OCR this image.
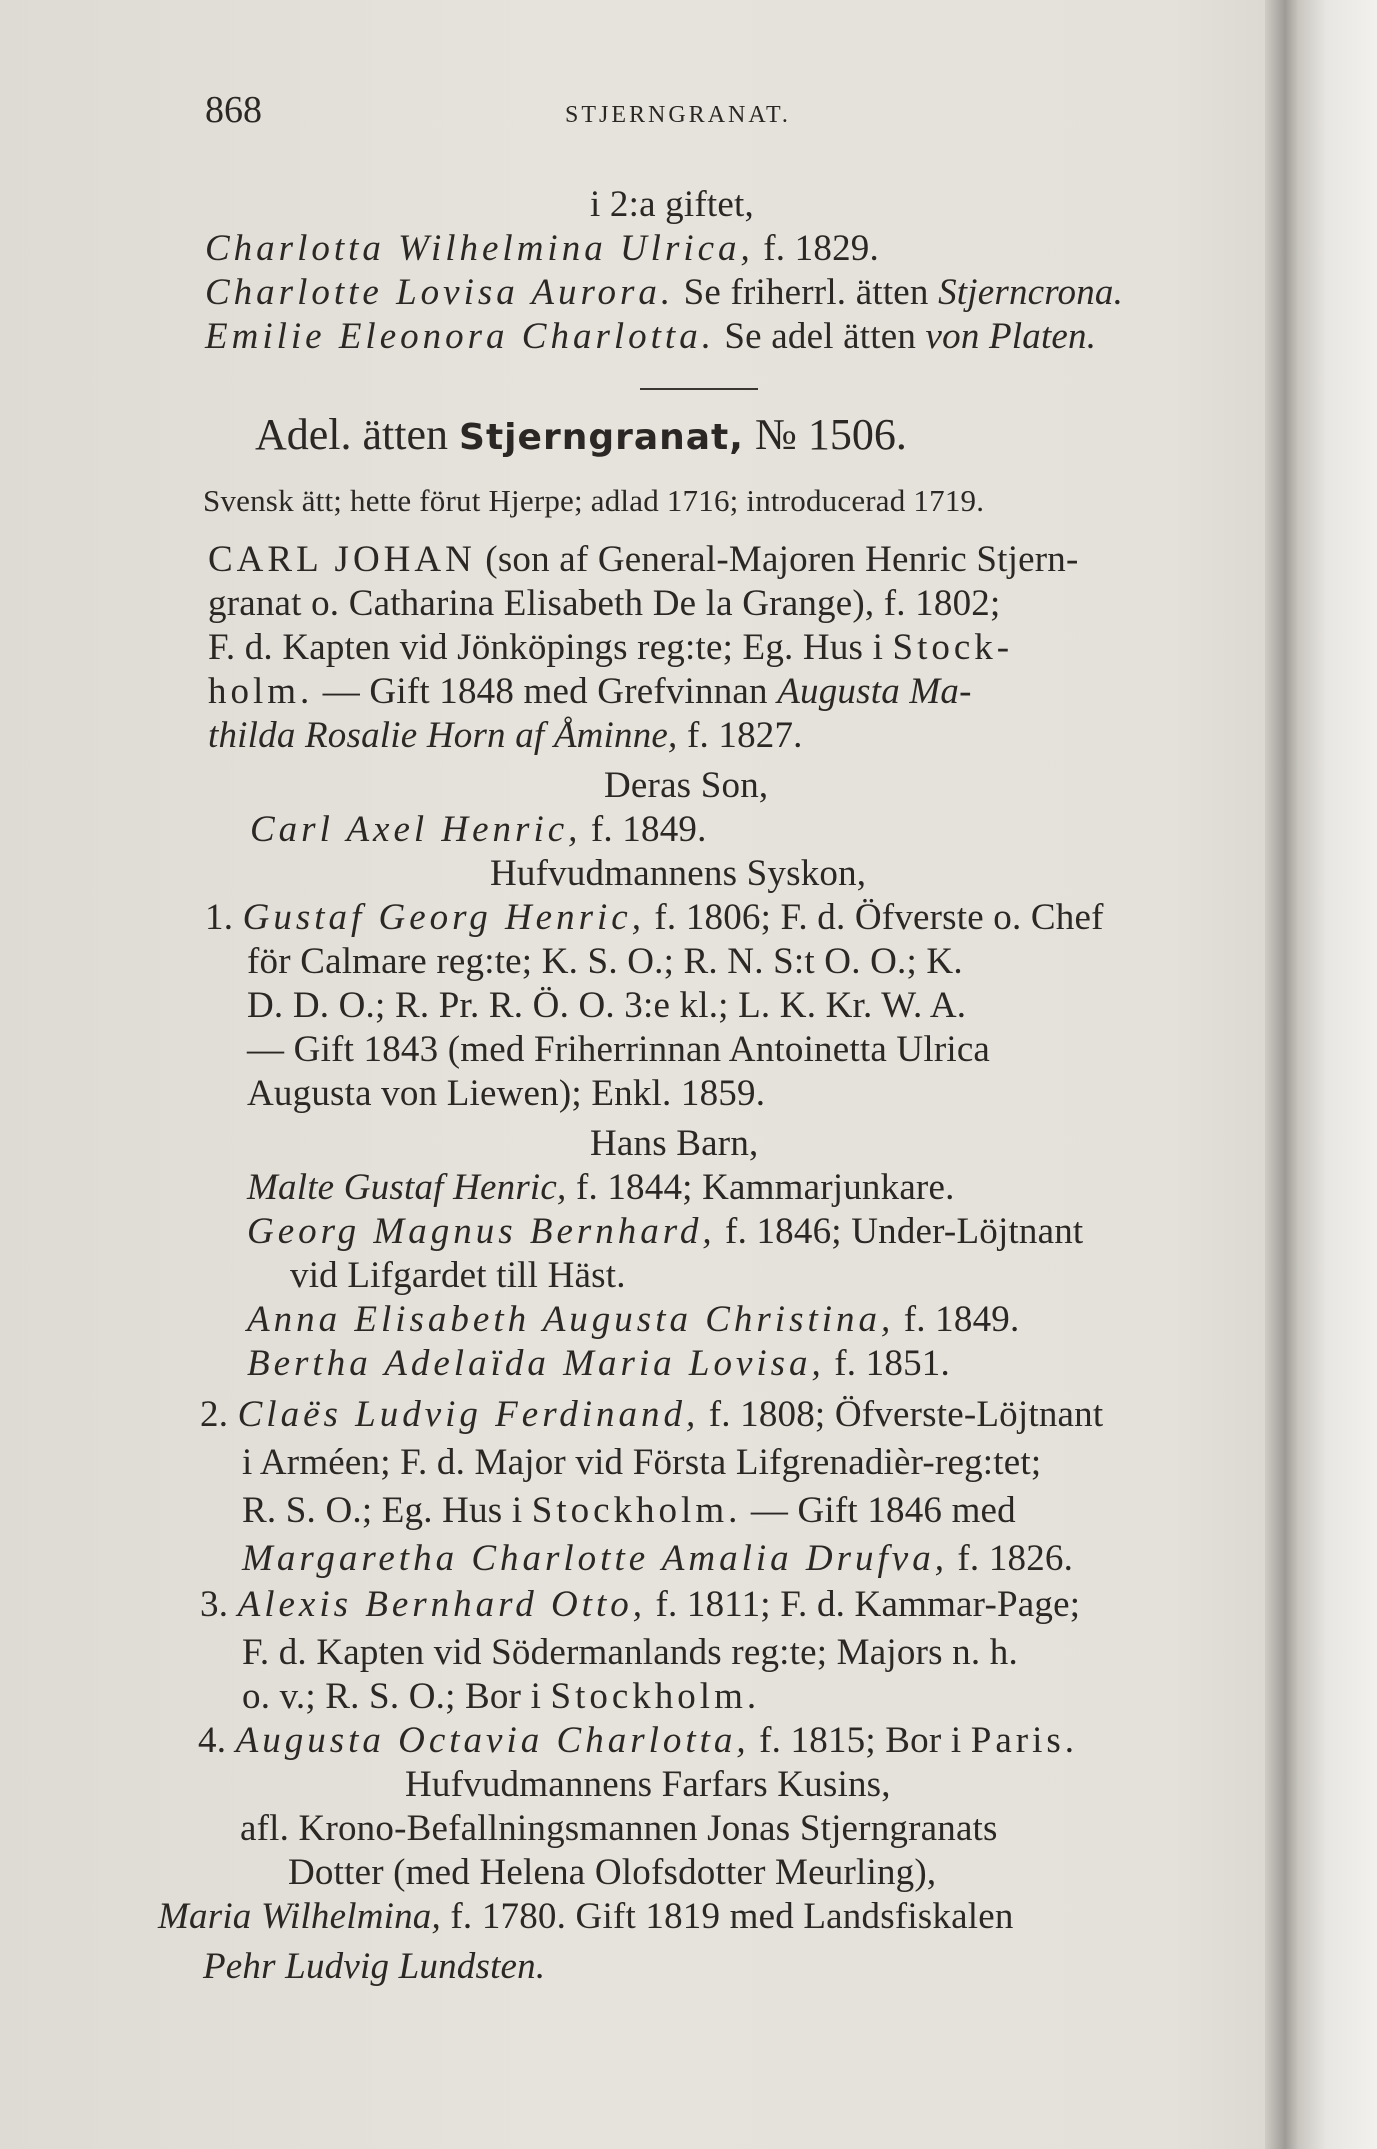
868	STJERNGRANAT.
i 2:a giftet,
Charlotta Wilhelmina Ulrica, f. 1829.
Charlotte Lovisa Aurora. Se friherrl. ätten Stjerncrona.
Emilie Eleonora Charlotta. Se adel ätten von Platen.
Adel. ätten Stjerngranat, № 1506.
Svensk ätt; hette förut Hjerpe; adlad 1716; introducerad 1719.
CARL JOHAN (son af General-Majoren Henric Stjern-
granat o. Catharina Elisabeth De la Grange), f. 1802;
F. d. Kapten vid Jönköpings reg:te; Eg. Hus i Stock-
holm. — Gift 1848 med Grefvinnan Augusta Ma-
thilda Rosalie Horn af Åminne, f. 1827.
Deras Son,
Carl Axel Henric, f. 1849.
Hufvudmannens Syskon,
1. Gustaf Georg Henric, f. 1806; F. d. Öfverste o. Chef
för Calmare reg:te; K. S. O.; R. N. S:t O. O.; K.
D. D. O.; R. Pr. R. Ö. O. 3:e kl.; L. K. Kr. W. A.
— Gift 1843 (med Friherrinnan Antoinetta Ulrica
Augusta von Liewen); Enkl. 1859.
Hans Barn,
Malte Gustaf Henric, f. 1844; Kammarjunkare.
Georg Magnus Bernhard, f. 1846; Under-Löjtnant
vid Lifgardet till Häst.
Anna Elisabeth Augusta Christina, f. 1849.
Bertha Adelaïda Maria Lovisa, f. 1851.
2. Claës Ludvig Ferdinand, f. 1808; Öfverste-Löjtnant
i Arméen; F. d. Major vid Första Lifgrenadièr-reg:tet;
R. S. O.; Eg. Hus i Stockholm. — Gift 1846 med
Margaretha Charlotte Amalia Drufva, f. 1826.
3. Alexis Bernhard Otto, f. 1811; F. d. Kammar-Page;
F. d. Kapten vid Södermanlands reg:te; Majors n. h.
o. v.; R. S. O.; Bor i Stockholm.
4. Augusta Octavia Charlotta, f. 1815; Bor i Paris.
Hufvudmannens Farfars Kusins,
afl. Krono-Befallningsmannen Jonas Stjerngranats
Dotter (med Helena Olofsdotter Meurling),
Maria Wilhelmina, f. 1780. Gift 1819 med Landsfiskalen
Pehr Ludvig Lundsten.
